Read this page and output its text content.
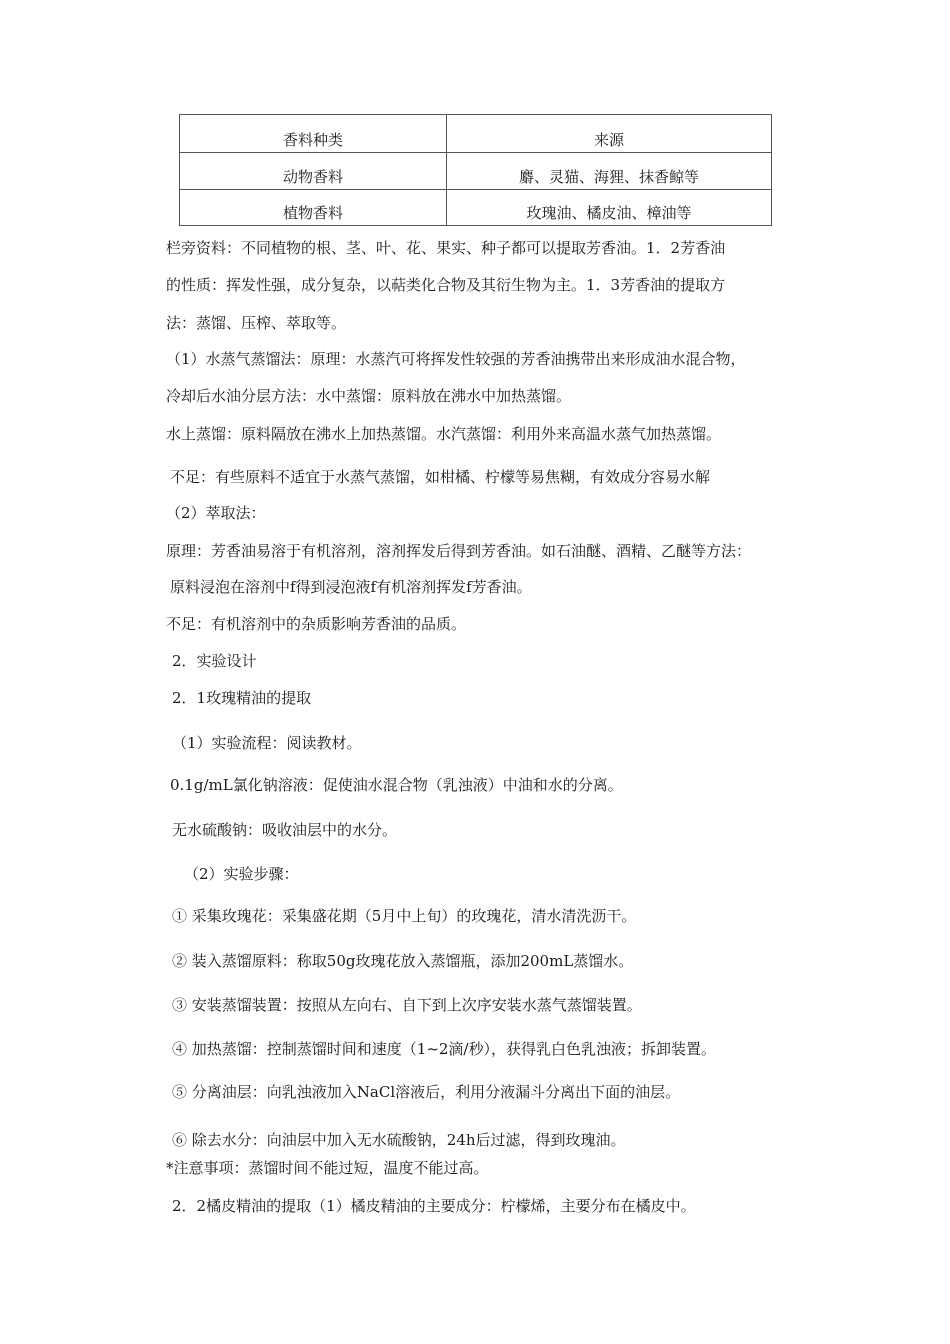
香料种类	来源
动物香料	麝、灵猫、海狸、抹香鲸等
植物香料	玫瑰油、橘皮油、樟油等
栏旁资料：不同植物的根、茎、叶、花、果实、种子都可以提取芳香油。1．2芳香油
的性质：挥发性强，成分复杂，以萜类化合物及其衍生物为主。1．3芳香油的提取方
法：蒸馏、压榨、萃取等。
（1）水蒸气蒸馏法：原理：水蒸汽可将挥发性较强的芳香油携带出来形成油水混合物，
冷却后水油分层方法：水中蒸馏：原料放在沸水中加热蒸馏。
水上蒸馏：原料隔放在沸水上加热蒸馏。水汽蒸馏：利用外来高温水蒸气加热蒸馏。
不足：有些原料不适宜于水蒸气蒸馏，如柑橘、柠檬等易焦糊，有效成分容易水解
（2）萃取法：
原理：芳香油易溶于有机溶剂，溶剂挥发后得到芳香油。如石油醚、酒精、乙醚等方法：
原料浸泡在溶剂中f得到浸泡液f有机溶剂挥发f芳香油。
不足：有机溶剂中的杂质影响芳香油的品质。
2．实验设计
2．1玫瑰精油的提取
（1）实验流程：阅读教材。
0.1g/mL氯化钠溶液：促使油水混合物（乳浊液）中油和水的分离。
无水硫酸钠：吸收油层中的水分。
（2）实验步骤：
① 采集玫瑰花：采集盛花期（5月中上旬）的玫瑰花，清水清洗沥干。
② 装入蒸馏原料：称取50g玫瑰花放入蒸馏瓶，添加200mL蒸馏水。
③ 安装蒸馏装置：按照从左向右、自下到上次序安装水蒸气蒸馏装置。
④ 加热蒸馏：控制蒸馏时间和速度（1~2滴/秒），获得乳白色乳浊液；拆卸装置。
⑤ 分离油层：向乳浊液加入NaCl溶液后，利用分液漏斗分离出下面的油层。
⑥ 除去水分：向油层中加入无水硫酸钠，24h后过滤，得到玫瑰油。
*注意事项：蒸馏时间不能过短，温度不能过高。
2．2橘皮精油的提取（1）橘皮精油的主要成分：柠檬烯，主要分布在橘皮中。
